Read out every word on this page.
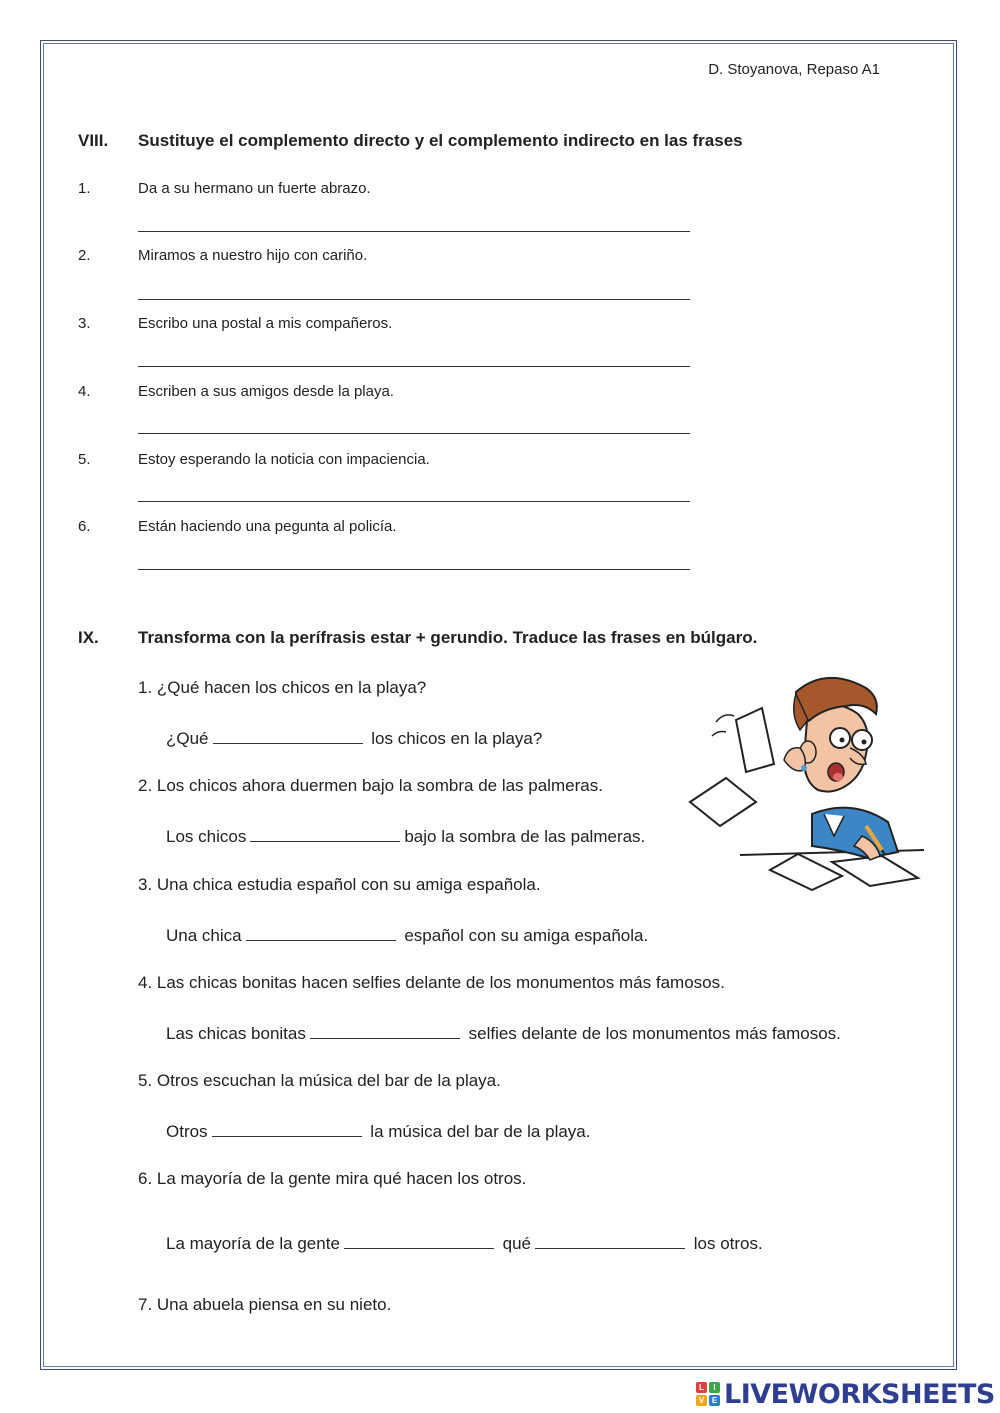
D. Stoyanova, Repaso A1
VIII. Sustituye el complemento directo y el complemento indirecto en las frases
1.	Da a su hermano un fuerte abrazo.
2.	Miramos a nuestro hijo con cariño.
3.	Escribo una postal a mis compañeros.
4.	Escriben a sus amigos desde la playa.
5.	Estoy esperando la noticia con impaciencia.
6.	Están haciendo una pegunta al policía.
IX. Transforma con la perífrasis estar + gerundio. Traduce las frases en búlgaro.
1. ¿Qué hacen los chicos en la playa?
¿Qué	los chicos en la playa?
2. Los chicos ahora duermen bajo la sombra de las palmeras.
Los chicos	bajo la sombra de las palmeras.
3. Una chica estudia español con su amiga española.
Una chica	español con su amiga española.
4. Las chicas bonitas hacen selfies delante de los monumentos más famosos.
Las chicas bonitas	selfies delante de los monumentos más famosos.
5. Otros escuchan la música del bar de la playa.
Otros	la música del bar de la playa.
6. La mayoría de la gente mira qué hacen los otros.
La mayoría de la gente	qué	los otros.
7. Una abuela piensa en su nieto.
L	I
V E LIVEWORKSHEETS
